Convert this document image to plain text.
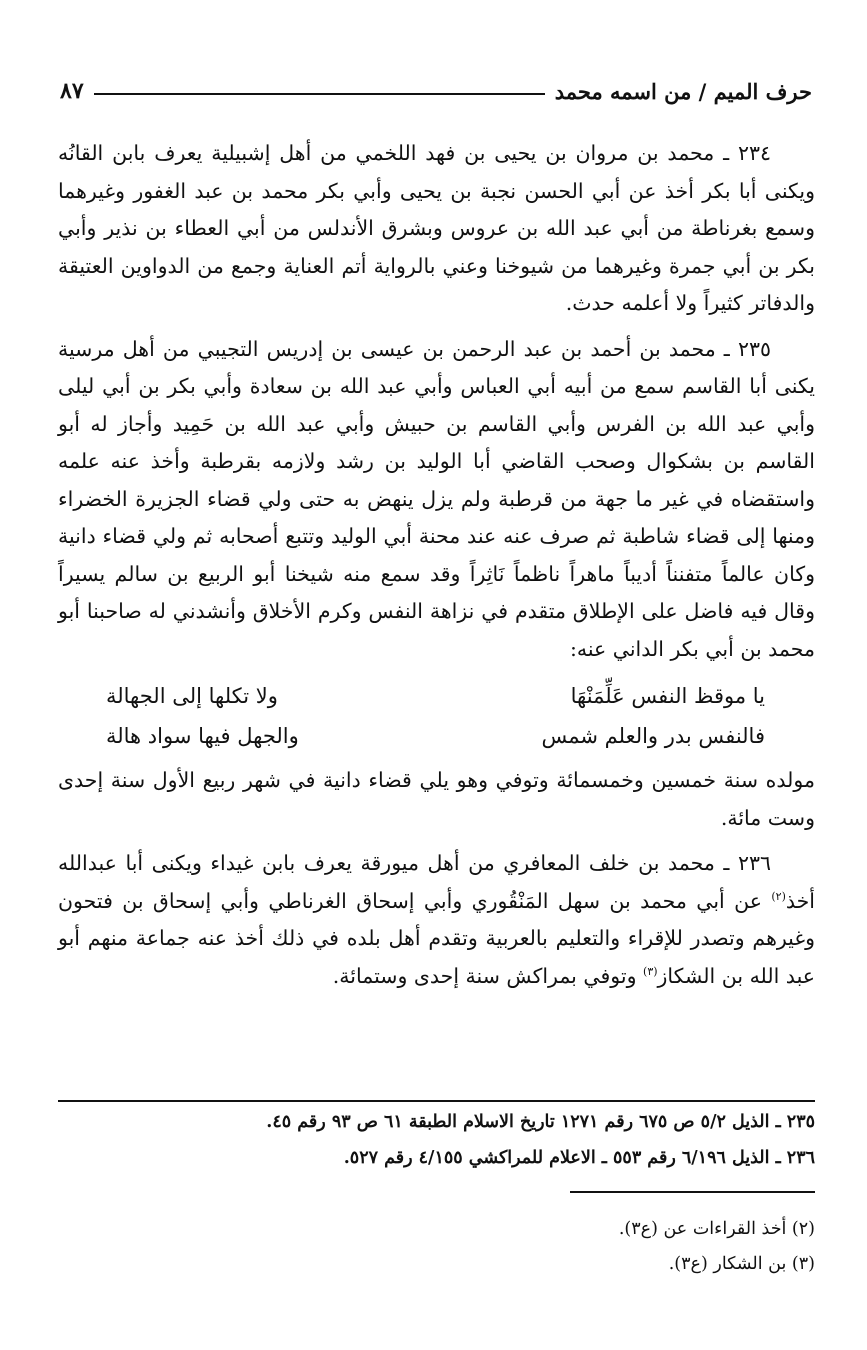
حرف الميم / من اسمه محمد
٨٧

٢٣٤ ـ محمد بن مروان بن يحيى بن فهد اللخمي من أهل إشبيلية يعرف بابن القانُه ويكنى أبا بكر أخذ عن أبي الحسن نجبة بن يحيى وأبي بكر محمد بن عبد الغفور وغيرهما وسمع بغرناطة من أبي عبد الله بن عروس وبشرق الأندلس من أبي العطاء بن نذير وأبي بكر بن أبي جمرة وغيرهما من شيوخنا وعني بالرواية أتم العناية وجمع من الدواوين العتيقة والدفاتر كثيراً ولا أعلمه حدث.

٢٣٥ ـ محمد بن أحمد بن عبد الرحمن بن عيسى بن إدريس التجيبي من أهل مرسية يكنى أبا القاسم سمع من أبيه أبي العباس وأبي عبد الله بن سعادة وأبي بكر بن أبي ليلى وأبي عبد الله بن الفرس وأبي القاسم بن حبيش وأبي عبد الله بن حَمِيد وأجاز له أبو القاسم بن بشكوال وصحب القاضي أبا الوليد بن رشد ولازمه بقرطبة وأخذ عنه علمه واستقضاه في غير ما جهة من قرطبة ولم يزل ينهض به حتى ولي قضاء الجزيرة الخضراء ومنها إلى قضاء شاطبة ثم صرف عنه عند محنة أبي الوليد وتتبع أصحابه ثم ولي قضاء دانية وكان عالماً متفنناً أديباً ماهراً ناظماً نَاثِراً وقد سمع منه شيخنا أبو الربيع بن سالم يسيراً وقال فيه فاضل على الإطلاق متقدم في نزاهة النفس وكرم الأخلاق وأنشدني له صاحبنا أبو محمد بن أبي بكر الداني عنه:

يا موقظ النفس عَلِّمَنْهَا
ولا تكلها إلى الجهالة
فالنفس بدر والعلم شمس
والجهل فيها سواد هالة

مولده سنة خمسين وخمسمائة وتوفي وهو يلي قضاء دانية في شهر ربيع الأول سنة إحدى وست مائة.

٢٣٦ ـ محمد بن خلف المعافري من أهل ميورقة يعرف بابن غيداء ويكنى أبا عبدالله أخذ$^{(٢)}$ عن أبي محمد بن سهل المَنْقُوري وأبي إسحاق الغرناطي وأبي إسحاق بن فتحون وغيرهم وتصدر للإقراء والتعليم بالعربية وتقدم أهل بلده في ذلك أخذ عنه جماعة منهم أبو عبد الله بن الشكاز$^{(٣)}$ وتوفي بمراكش سنة إحدى وستمائة.

٢٣٥ ـ الذيل ٥/٢ ص ٦٧٥ رقم ١٢٧١ تاريخ الاسلام الطبقة ٦١ ص ٩٣ رقم ٤٥.
٢٣٦ ـ الذيل ٦/١٩٦ رقم ٥٥٣ ـ الاعلام للمراكشي ٤/١٥٥ رقم ٥٢٧.
(٢) أخذ القراءات عن (ع٣).
(٣) بن الشكار (ع٣).
